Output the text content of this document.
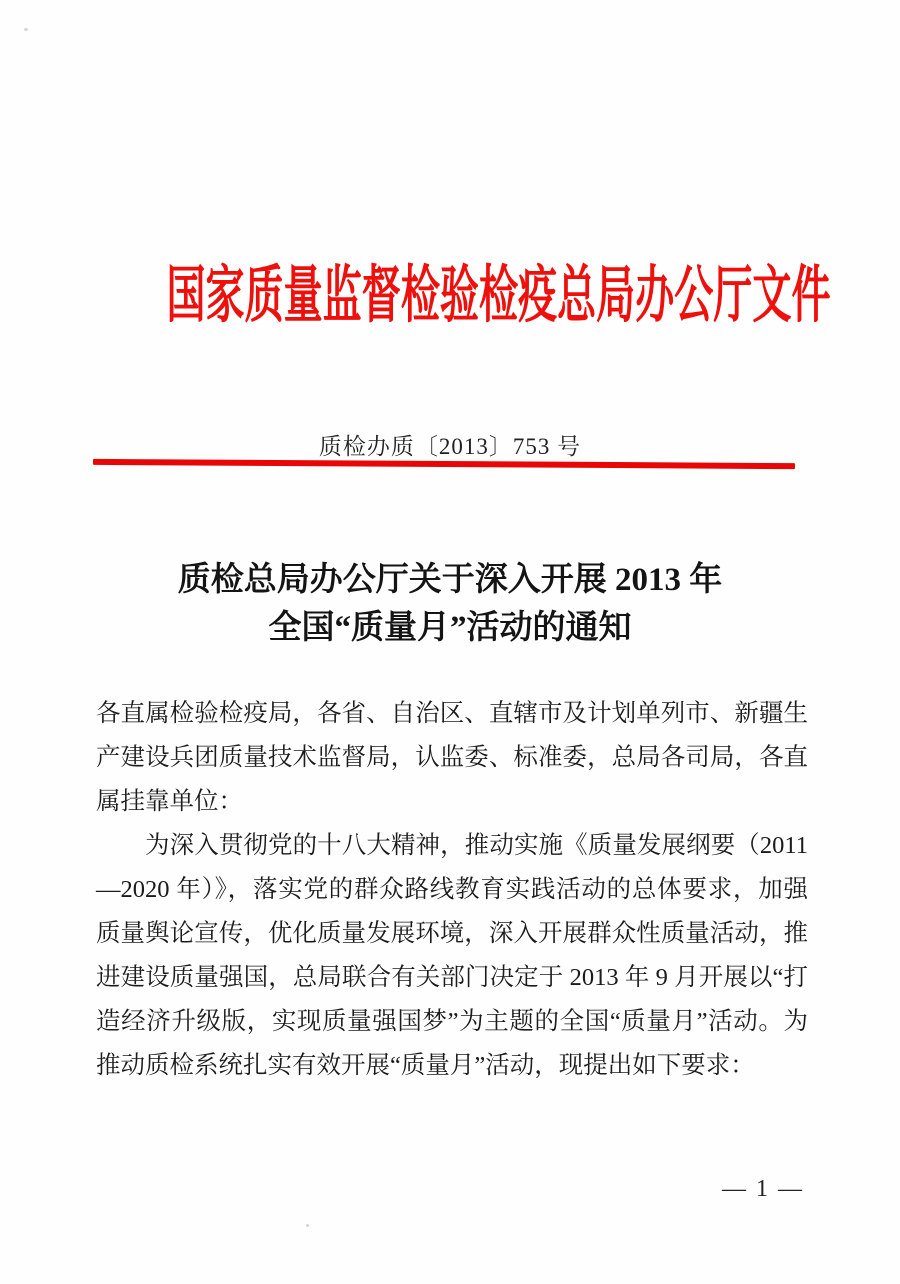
国家质量监督检验检疫总局办公厅文件
质检办质〔2013〕753 号
质检总局办公厅关于深入开展 2013 年
全国“质量月”活动的通知

各直属检验检疫局，各省、自治区、直辖市及计划单列市、新疆生产建设兵团质量技术监督局，认监委、标准委，总局各司局，各直属挂靠单位：

为深入贯彻党的十八大精神，推动实施《质量发展纲要（2011—2020 年）》，落实党的群众路线教育实践活动的总体要求，加强质量舆论宣传，优化质量发展环境，深入开展群众性质量活动，推进建设质量强国，总局联合有关部门决定于 2013 年 9 月开展以“打造经济升级版，实现质量强国梦”为主题的全国“质量月”活动。为推动质检系统扎实有效开展“质量月”活动，现提出如下要求：

— 1 —
